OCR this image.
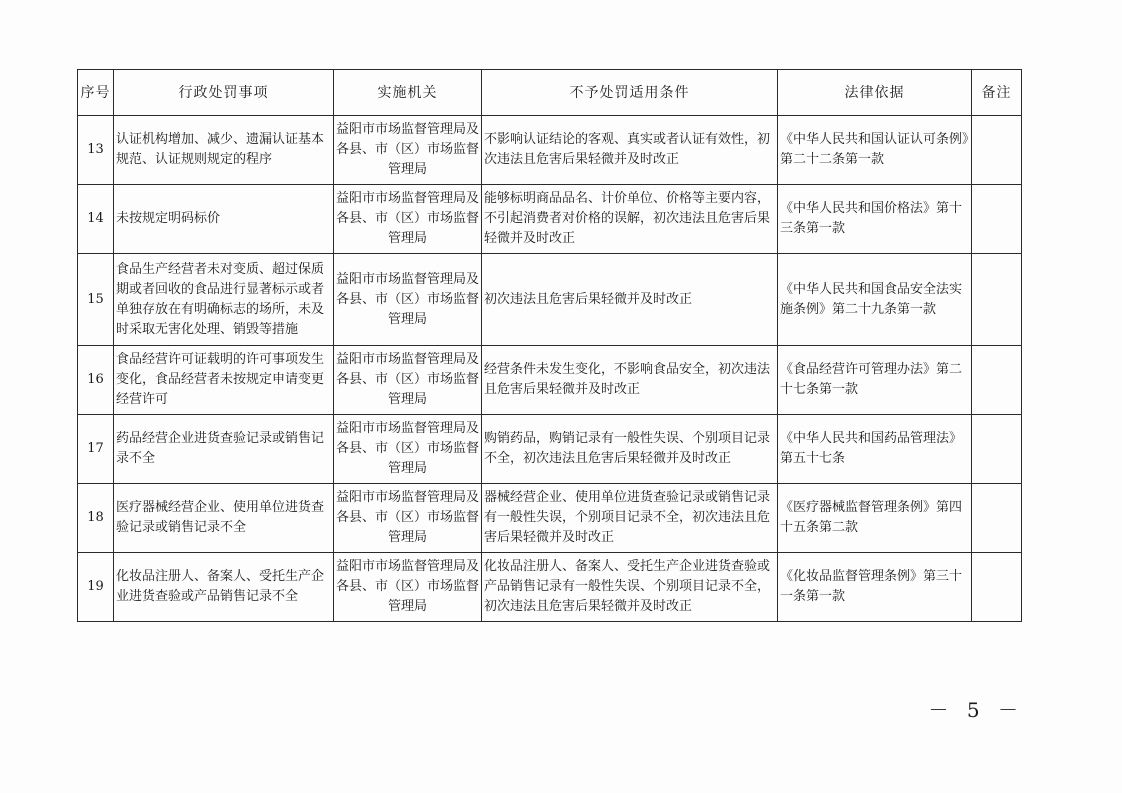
序号	行政处罚事项	实施机关	不予处罚适用条件	法律依据	备注
13	认证机构增加、减少、遗漏认证基本规范、认证规则规定的程序	益阳市市场监督管理局及各县、市（区）市场监督管理局	不影响认证结论的客观、真实或者认证有效性，初次违法且危害后果轻微并及时改正	《中华人民共和国认证认可条例》第二十二条第一款	
14	未按规定明码标价	益阳市市场监督管理局及各县、市（区）市场监督管理局	能够标明商品品名、计价单位、价格等主要内容，不引起消费者对价格的误解，初次违法且危害后果轻微并及时改正	《中华人民共和国价格法》第十三条第一款	
15	食品生产经营者未对变质、超过保质期或者回收的食品进行显著标示或者单独存放在有明确标志的场所，未及时采取无害化处理、销毁等措施	益阳市市场监督管理局及各县、市（区）市场监督管理局	初次违法且危害后果轻微并及时改正	《中华人民共和国食品安全法实施条例》第二十九条第一款	
16	食品经营许可证载明的许可事项发生变化，食品经营者未按规定申请变更经营许可	益阳市市场监督管理局及各县、市（区）市场监督管理局	经营条件未发生变化，不影响食品安全，初次违法且危害后果轻微并及时改正	《食品经营许可管理办法》第二十七条第一款	
17	药品经营企业进货查验记录或销售记录不全	益阳市市场监督管理局及各县、市（区）市场监督管理局	购销药品，购销记录有一般性失误、个别项目记录不全，初次违法且危害后果轻微并及时改正	《中华人民共和国药品管理法》第五十七条	
18	医疗器械经营企业、使用单位进货查验记录或销售记录不全	益阳市市场监督管理局及各县、市（区）市场监督管理局	器械经营企业、使用单位进货查验记录或销售记录有一般性失误，个别项目记录不全，初次违法且危害后果轻微并及时改正	《医疗器械监督管理条例》第四十五条第二款	
19	化妆品注册人、备案人、受托生产企业进货查验或产品销售记录不全	益阳市市场监督管理局及各县、市（区）市场监督管理局	化妆品注册人、备案人、受托生产企业进货查验或产品销售记录有一般性失误、个别项目记录不全，初次违法且危害后果轻微并及时改正	《化妆品监督管理条例》第三十一条第一款	
－ 5 －
